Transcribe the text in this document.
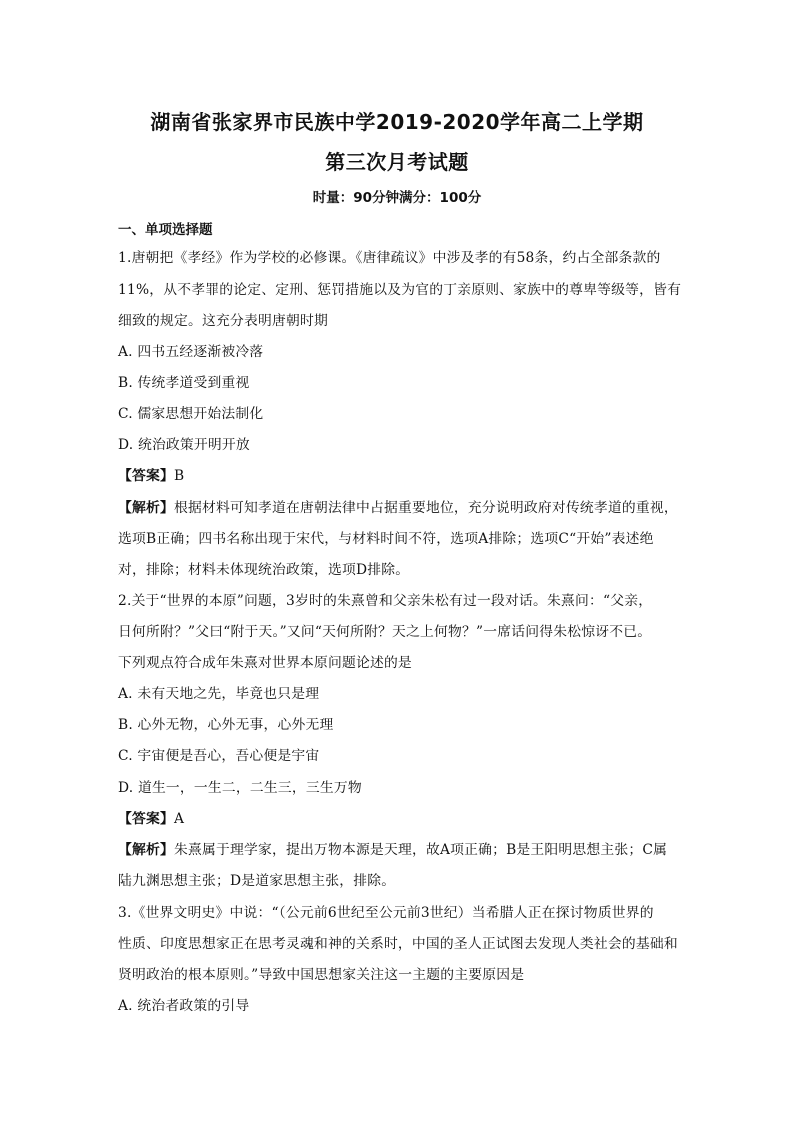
湖南省张家界市民族中学2019-2020学年高二上学期
第三次月考试题
时量：90分钟满分：100分
一、单项选择题
1.唐朝把《孝经》作为学校的必修课。《唐律疏议》中涉及孝的有58条，约占全部条款的
11%，从不孝罪的论定、定刑、惩罚措施以及为官的丁亲原则、家族中的尊卑等级等，皆有
细致的规定。这充分表明唐朝时期
A. 四书五经逐渐被冷落
B. 传统孝道受到重视
C. 儒家思想开始法制化
D. 统治政策开明开放
【答案】B
【解析】根据材料可知孝道在唐朝法律中占据重要地位，充分说明政府对传统孝道的重视，
选项B正确；四书名称出现于宋代，与材料时间不符，选项A排除；选项C“开始”表述绝
对，排除；材料未体现统治政策，选项D排除。
2.关于“世界的本原”问题，3岁时的朱熹曾和父亲朱松有过一段对话。朱熹问：“父亲，
日何所附？”父曰“附于天。”又问“天何所附？天之上何物？”一席话问得朱松惊讶不已。
下列观点符合成年朱熹对世界本原问题论述的是
A. 未有天地之先，毕竟也只是理
B. 心外无物，心外无事，心外无理
C. 宇宙便是吾心，吾心便是宇宙
D. 道生一，一生二，二生三，三生万物
【答案】A
【解析】朱熹属于理学家，提出万物本源是天理，故A项正确；B是王阳明思想主张；C属
陆九渊思想主张；D是道家思想主张，排除。
3.《世界文明史》中说：“（公元前6世纪至公元前3世纪）当希腊人正在探讨物质世界的
性质、印度思想家正在思考灵魂和神的关系时，中国的圣人正试图去发现人类社会的基础和
贤明政治的根本原则。”导致中国思想家关注这一主题的主要原因是
A. 统治者政策的引导
